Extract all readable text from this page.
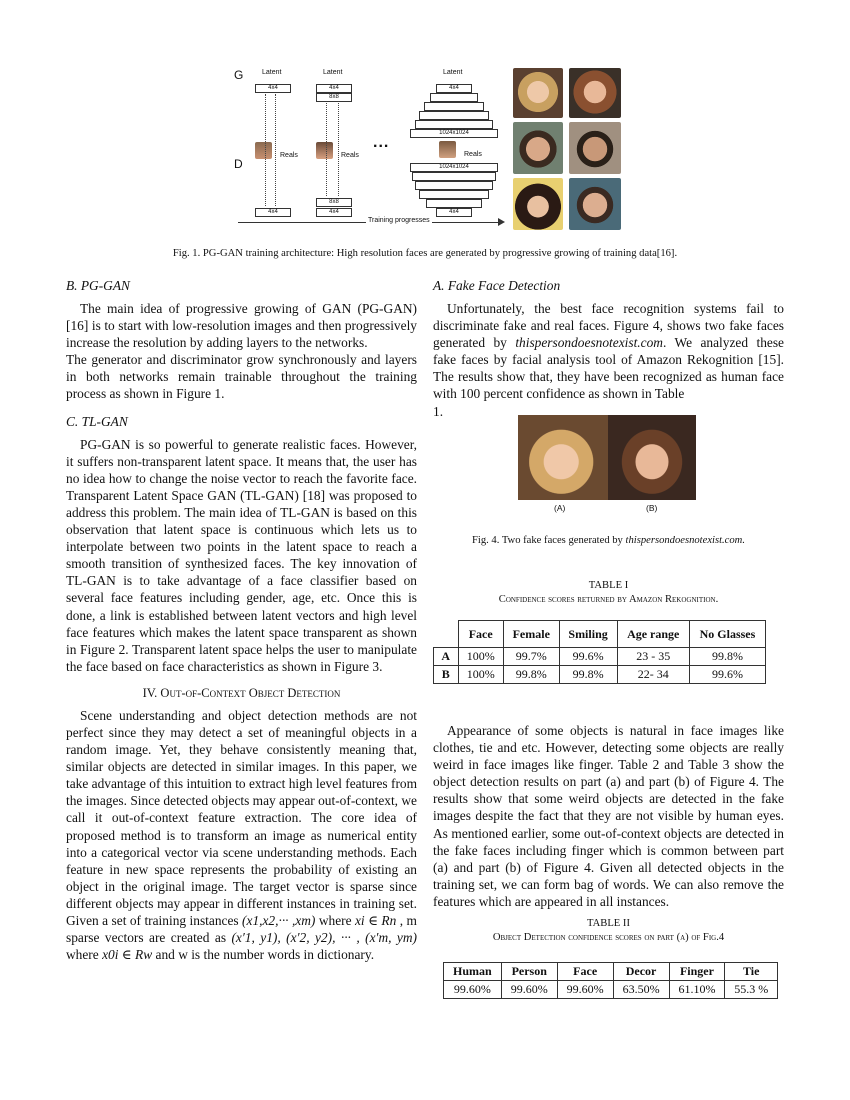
G
D
Latent
4x4
Reals
4x4
Latent
4x4
8x8
Reals
8x8
4x4
...
Latent
4x4
1024x1024
Reals
1024x1024
4x4
Training progresses

Fig. 1. PG-GAN training architecture: High resolution faces are generated by progressive growing of training data[16].

B. PG-GAN

The main idea of progressive growing of GAN (PG-GAN) [16] is to start with low-resolution images and then progressively increase the resolution by adding layers to the networks.

The generator and discriminator grow synchronously and layers in both networks remain trainable throughout the training process as shown in Figure 1.

C. TL-GAN

PG-GAN is so powerful to generate realistic faces. However, it suffers non-transparent latent space. It means that, the user has no idea how to change the noise vector to reach the favorite face. Transparent Latent Space GAN (TL-GAN) [18] was proposed to address this problem. The main idea of TL-GAN is based on this observation that latent space is continuous which lets us to interpolate between two points in the latent space to reach a smooth transition of synthesized faces. The key innovation of TL-GAN is to take advantage of a face classifier based on several face features including gender, age, etc. Once this is done, a link is established between latent vectors and high level face features which makes the latent space transparent as shown in Figure 2. Transparent latent space helps the user to manipulate the face based on face characteristics as shown in Figure 3.

IV. Out-of-Context Object Detection

Scene understanding and object detection methods are not perfect since they may detect a set of meaningful objects in a random image. Yet, they behave consistently meaning that, similar objects are detected in similar images. In this paper, we take advantage of this intuition to extract high level features from the images. Since detected objects may appear out-of-context, we call it out-of-context feature extraction. The core idea of proposed method is to transform an image as numerical entity into a categorical vector via scene understanding methods. Each feature in new space represents the probability of existing an object in the original image. The target vector is sparse since different objects may appear in different instances in training set. Given a set of training instances (x1,x2,··· ,xm) where xi ∈ Rn , m sparse vectors are created as (x′1, y1), (x′2, y2), ··· , (x′m, ym) where x0i ∈ Rw and w is the number words in dictionary.

A. Fake Face Detection

Unfortunately, the best face recognition systems fail to discriminate fake and real faces. Figure 4, shows two fake faces generated by thispersondoesnotexist.com. We analyzed these fake faces by facial analysis tool of Amazon Rekognition [15]. The results show that, they have been recognized as human face with 100 percent confidence as shown in Table
1.

(A)	(B)

Fig. 4. Two fake faces generated by thispersondoesnotexist.com.

TABLE I

Confidence scores returned by Amazon Rekognition.

	Face	Female	Smiling	Age range	No Glasses
A	100%	99.7%	99.6%	23 - 35	99.8%
B	100%	99.8%	99.8%	22- 34	99.6%

Appearance of some objects is natural in face images like clothes, tie and etc. However, detecting some objects are really weird in face images like finger. Table 2 and Table 3 show the object detection results on part (a) and part (b) of Figure 4. The results show that some weird objects are detected in the fake images despite the fact that they are not visible by human eyes. As mentioned earlier, some out-of-context objects are detected in the fake faces including finger which is common between part (a) and part (b) of Figure 4. Given all detected objects in the training set, we can form bag of words. We can also remove the features which are appeared in all instances.

TABLE II

Object Detection confidence scores on part (a) of Fig.4

Human	Person	Face	Decor	Finger	Tie
99.60%	99.60%	99.60%	63.50%	61.10%	55.3 %
